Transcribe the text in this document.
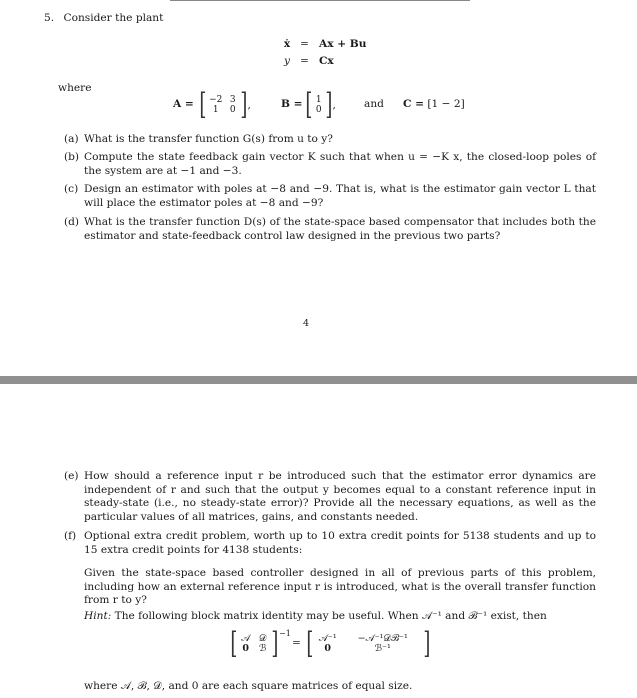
5. Consider the plant
ẋ = Ax + Bu
y = Cx
where
A = [ −2 3
1	0 ] ,	B = [ 1
0 ] ,	and C = [1 − 2]
(a) What is the transfer function G(s) from u to y?
(b) Compute the state feedback gain vector K such that when u = −K x, the closed-loop poles of the system are at −1 and −3.
(c) Design an estimator with poles at −8 and −9. That is, what is the estimator gain vector L that will place the estimator poles at −8 and −9?
(d) What is the transfer function D(s) of the state-space based compensator that includes both the estimator and state-feedback control law designed in the previous two parts?
4
(e) How should a reference input r be introduced such that the estimator error dynamics are independent of r and such that the output y becomes equal to a constant reference input in steady-state (i.e., no steady-state error)? Provide all the necessary equations, as well as the particular values of all matrices, gains, and constants needed.
(f) Optional extra credit problem, worth up to 10 extra credit points for 5138 students and up to 15 extra credit points for 4138 students:
Given the state-space based controller designed in all of previous parts of this problem, including how an external reference input r is introduced, what is the overall transfer function from r to y?
Hint: The following block matrix identity may be useful. When 𝒜⁻¹ and ℬ⁻¹ exist, then
[ 𝒜 𝒟
0 ℬ ] −1
= [ 𝒜⁻¹	−𝒜⁻¹𝒟ℬ⁻¹
0	ℬ⁻¹	]
where 𝒜, ℬ, 𝒟, and 0 are each square matrices of equal size.
